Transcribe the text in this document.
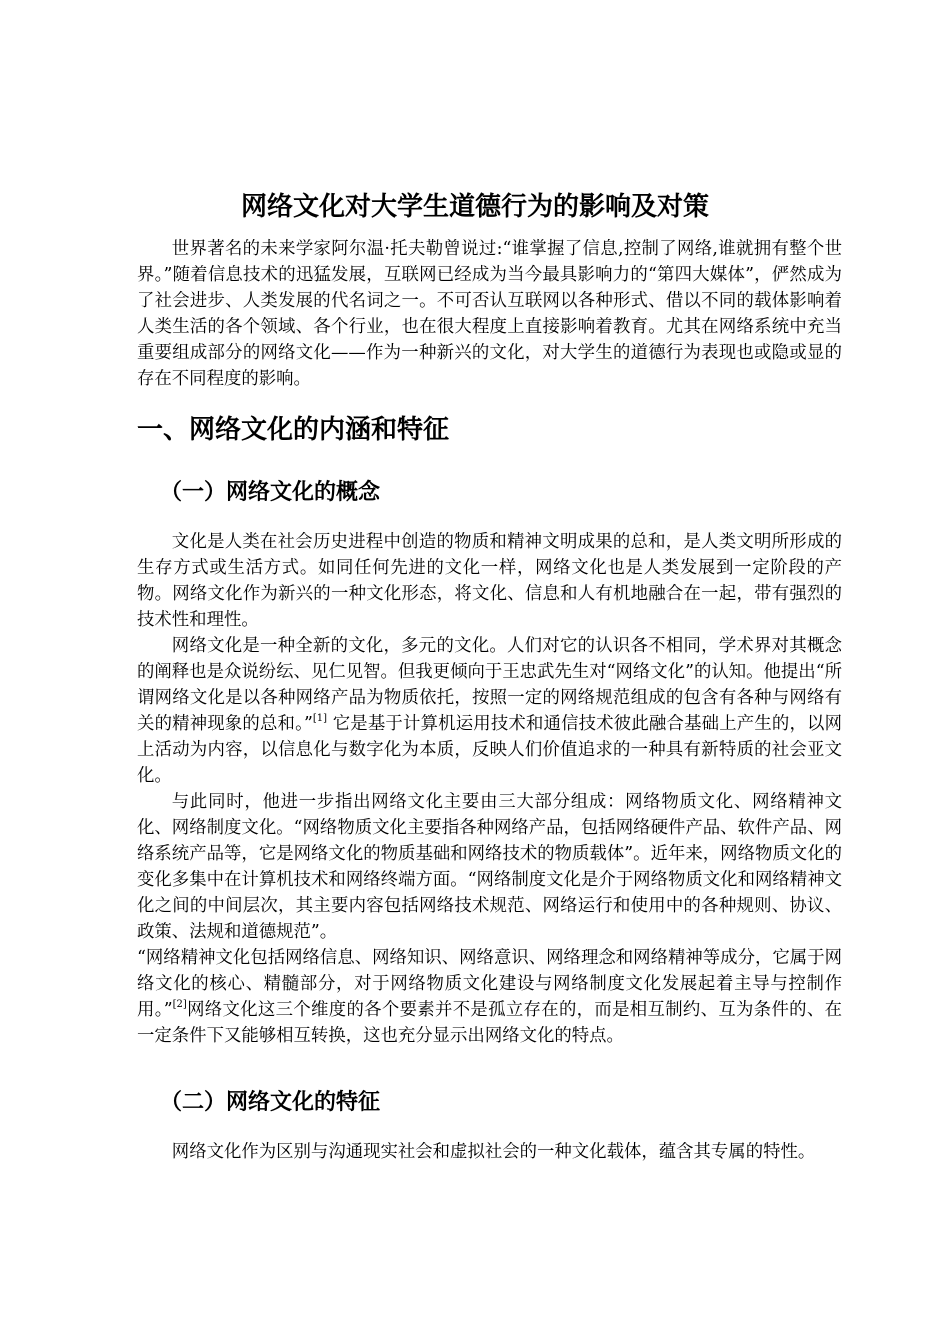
网络文化对大学生道德行为的影响及对策

世界著名的未来学家阿尔温·托夫勒曾说过:“谁掌握了信息,控制了网络,谁就拥有整个世界。”随着信息技术的迅猛发展，互联网已经成为当今最具影响力的“第四大媒体”，俨然成为了社会进步、人类发展的代名词之一。不可否认互联网以各种形式、借以不同的载体影响着人类生活的各个领域、各个行业，也在很大程度上直接影响着教育。尤其在网络系统中充当重要组成部分的网络文化——作为一种新兴的文化，对大学生的道德行为表现也或隐或显的存在不同程度的影响。

一、网络文化的内涵和特征
（一）网络文化的概念

文化是人类在社会历史进程中创造的物质和精神文明成果的总和，是人类文明所形成的生存方式或生活方式。如同任何先进的文化一样，网络文化也是人类发展到一定阶段的产物。网络文化作为新兴的一种文化形态，将文化、信息和人有机地融合在一起，带有强烈的技术性和理性。

网络文化是一种全新的文化，多元的文化。人们对它的认识各不相同，学术界对其概念的阐释也是众说纷纭、见仁见智。但我更倾向于王忠武先生对“网络文化”的认知。他提出“所谓网络文化是以各种网络产品为物质依托，按照一定的网络规范组成的包含有各种与网络有关的精神现象的总和。”[1] 它是基于计算机运用技术和通信技术彼此融合基础上产生的，以网上活动为内容，以信息化与数字化为本质，反映人们价值追求的一种具有新特质的社会亚文化。

与此同时，他进一步指出网络文化主要由三大部分组成：网络物质文化、网络精神文化、网络制度文化。“网络物质文化主要指各种网络产品，包括网络硬件产品、软件产品、网络系统产品等，它是网络文化的物质基础和网络技术的物质载体”。近年来，网络物质文化的变化多集中在计算机技术和网络终端方面。“网络制度文化是介于网络物质文化和网络精神文化之间的中间层次，其主要内容包括网络技术规范、网络运行和使用中的各种规则、协议、政策、法规和道德规范”。

“网络精神文化包括网络信息、网络知识、网络意识、网络理念和网络精神等成分，它属于网络文化的核心、精髓部分，对于网络物质文化建设与网络制度文化发展起着主导与控制作用。”[2]网络文化这三个维度的各个要素并不是孤立存在的，而是相互制约、互为条件的、在一定条件下又能够相互转换，这也充分显示出网络文化的特点。

（二）网络文化的特征

网络文化作为区别与沟通现实社会和虚拟社会的一种文化载体，蕴含其专属的特性。
